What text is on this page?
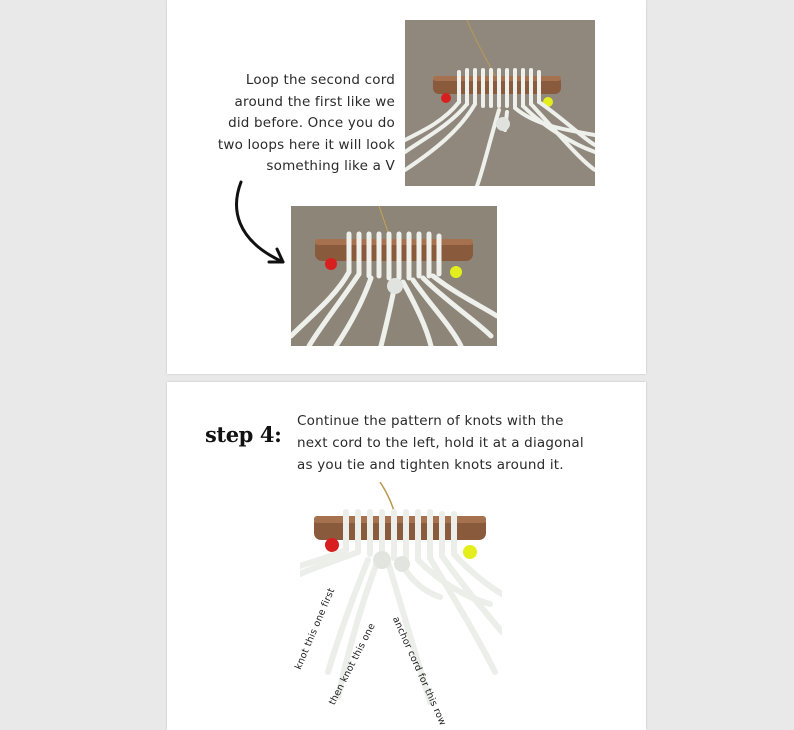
Loop the second cord
around the first like we
did before. Once you do
two loops here it will look
something like a V
step 4:
Continue the pattern of knots with the
next cord to the left, hold it at a diagonal
as you tie and tighten knots around it.
knot this one first
then knot this one anchor cord for this row
